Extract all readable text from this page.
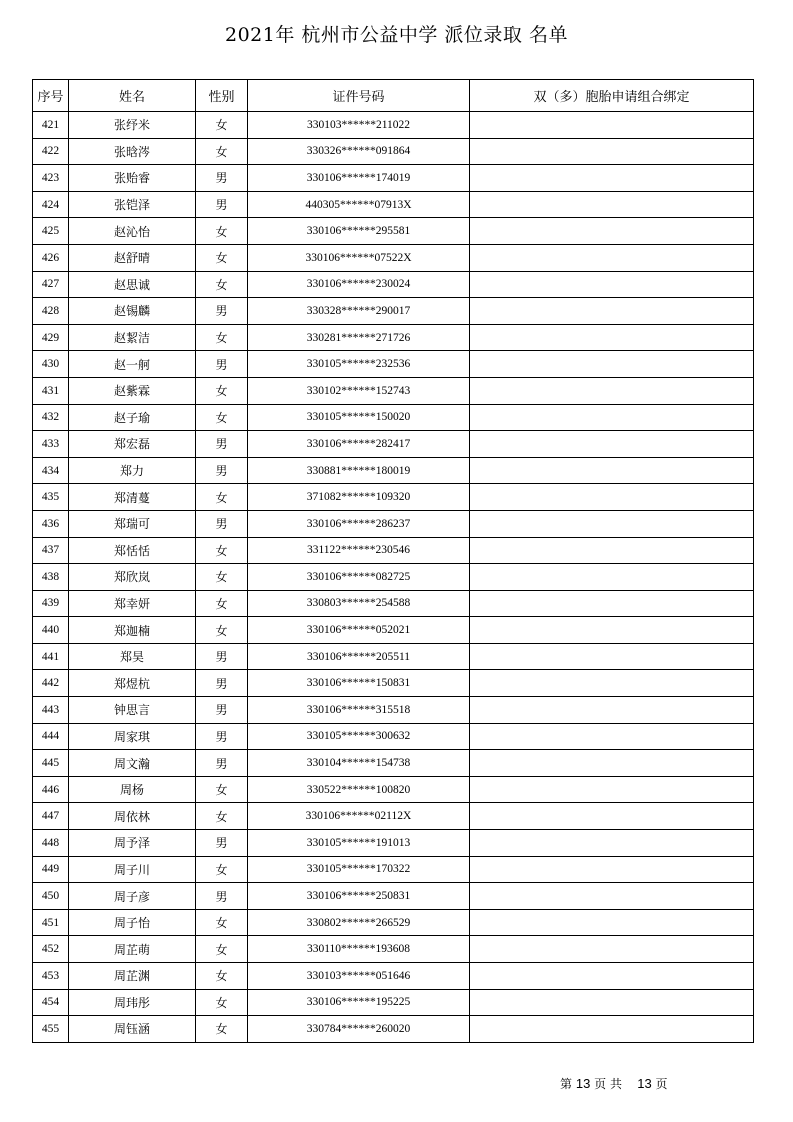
2021年 杭州市公益中学 派位录取 名单
序号	姓名	性别	证件号码	双（多）胞胎申请组合绑定
421	张纾米	女	330103******211022	
422	张晗涔	女	330326******091864	
423	张贻睿	男	330106******174019	
424	张铠泽	男	440305******07913X	
425	赵沁怡	女	330106******295581	
426	赵舒晴	女	330106******07522X	
427	赵思诚	女	330106******230024	
428	赵锡麟	男	330328******290017	
429	赵絜洁	女	330281******271726	
430	赵一舸	男	330105******232536	
431	赵紫霖	女	330102******152743	
432	赵子瑜	女	330105******150020	
433	郑宏磊	男	330106******282417	
434	郑力	男	330881******180019	
435	郑清蔓	女	371082******109320	
436	郑瑞可	男	330106******286237	
437	郑恬恬	女	331122******230546	
438	郑欣岚	女	330106******082725	
439	郑幸妍	女	330803******254588	
440	郑迦楠	女	330106******052021	
441	郑昊	男	330106******205511	
442	郑煜杭	男	330106******150831	
443	钟思言	男	330106******315518	
444	周家琪	男	330105******300632	
445	周文瀚	男	330104******154738	
446	周杨	女	330522******100820	
447	周依林	女	330106******02112X	
448	周予泽	男	330105******191013	
449	周子川	女	330105******170322	
450	周子彦	男	330106******250831	
451	周子怡	女	330802******266529	
452	周芷萌	女	330110******193608	
453	周芷渊	女	330103******051646	
454	周玮彤	女	330106******195225	
455	周钰涵	女	330784******260020	
第 13 页 共 13 页
